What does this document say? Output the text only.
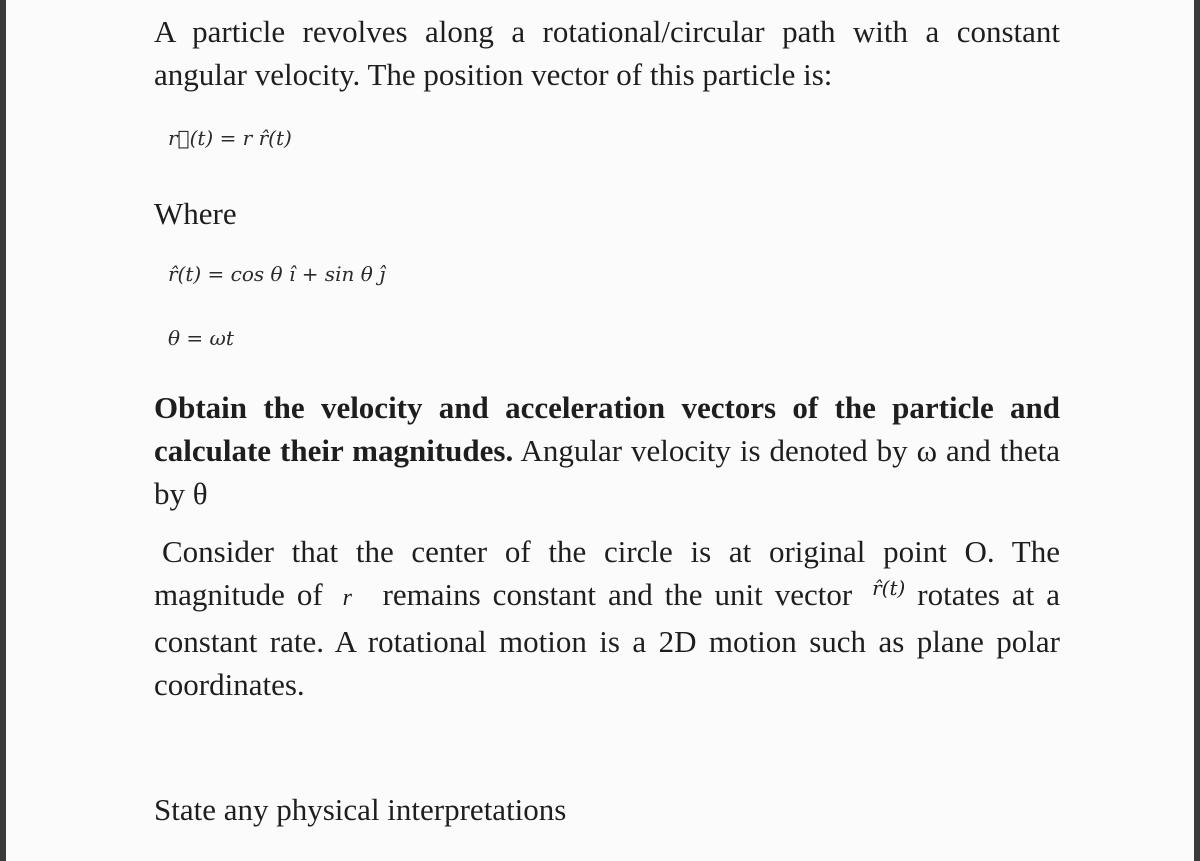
A particle revolves along a rotational/circular path with a constant angular velocity. The position vector of this particle is:

r⃗(t) = r r̂(t)

Where

r̂(t) = cos θ î + sin θ ĵ
θ = ωt

Obtain the velocity and acceleration vectors of the particle and calculate their magnitudes. Angular velocity is denoted by ω and theta by θ

Consider that the center of the circle is at original point O. The magnitude of r⃗ remains constant and the unit vector r̂(t) rotates at a constant rate. A rotational motion is a 2D motion such as plane polar coordinates.

State any physical interpretations
